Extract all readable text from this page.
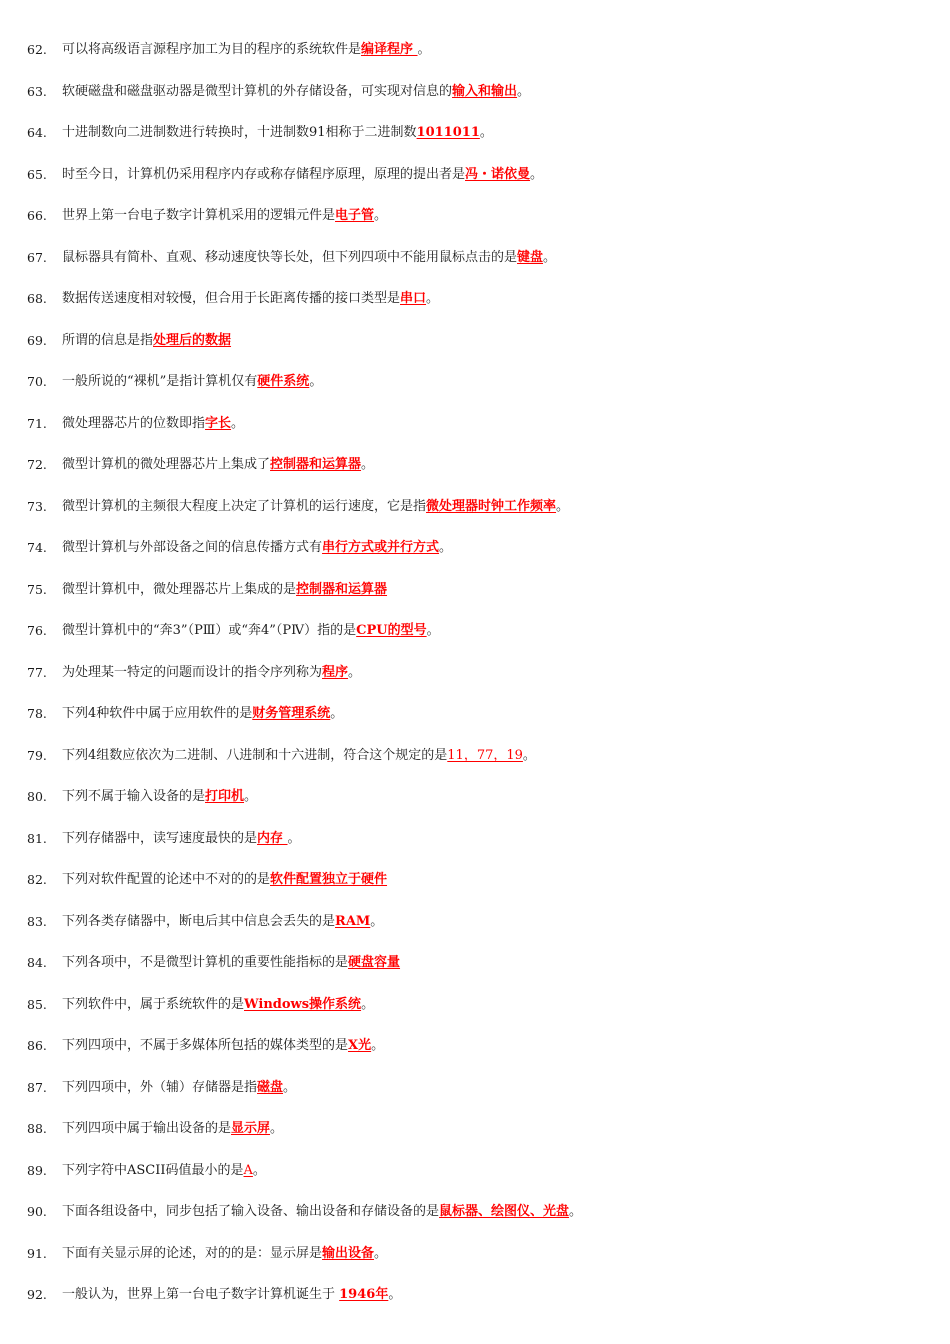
62.	可以将高级语言源程序加工为目的程序的系统软件是编译程序 。
63.	软硬磁盘和磁盘驱动器是微型计算机的外存储设备，可实现对信息的输入和输出。
64.	十进制数向二进制数进行转换时，十进制数91相称于二进制数1011011。
65.	时至今日，计算机仍采用程序内存或称存储程序原理，原理的提出者是冯・诺依曼。
66.	世界上第一台电子数字计算机采用的逻辑元件是电子管。
67.	鼠标器具有简朴、直观、移动速度快等长处，但下列四项中不能用鼠标点击的是键盘。
68.	数据传送速度相对较慢，但合用于长距离传播的接口类型是串口。
69.	所谓的信息是指处理后的数据
70.	一般所说的“裸机”是指计算机仅有硬件系统。
71.	微处理器芯片的位数即指字长。
72.	微型计算机的微处理器芯片上集成了控制器和运算器。
73.	微型计算机的主频很大程度上决定了计算机的运行速度，它是指微处理器时钟工作频率。
74.	微型计算机与外部设备之间的信息传播方式有串行方式或并行方式。
75.	微型计算机中，微处理器芯片上集成的是控制器和运算器
76.	微型计算机中的“奔3”（PⅢ）或“奔4”（PⅣ）指的是CPU的型号。
77.	为处理某一特定的问题而设计的指令序列称为程序。
78.	下列4种软件中属于应用软件的是财务管理系统。
79.	下列4组数应依次为二进制、八进制和十六进制，符合这个规定的是11，77，19。
80.	下列不属于输入设备的是打印机。
81.	下列存储器中，读写速度最快的是内存 。
82.	下列对软件配置的论述中不对的的是软件配置独立于硬件
83.	下列各类存储器中，断电后其中信息会丢失的是RAM。
84.	下列各项中，不是微型计算机的重要性能指标的是硬盘容量
85.	下列软件中，属于系统软件的是Windows操作系统。
86.	下列四项中，不属于多媒体所包括的媒体类型的是X光。
87.	下列四项中，外（辅）存储器是指磁盘。
88.	下列四项中属于输出设备的是显示屏。
89.	下列字符中ASCII码值最小的是A。
90.	下面各组设备中，同步包括了输入设备、输出设备和存储设备的是鼠标器、绘图仪、光盘。
91.	下面有关显示屏的论述，对的的是：显示屏是输出设备。
92.	一般认为，世界上第一台电子数字计算机诞生于 1946年。
